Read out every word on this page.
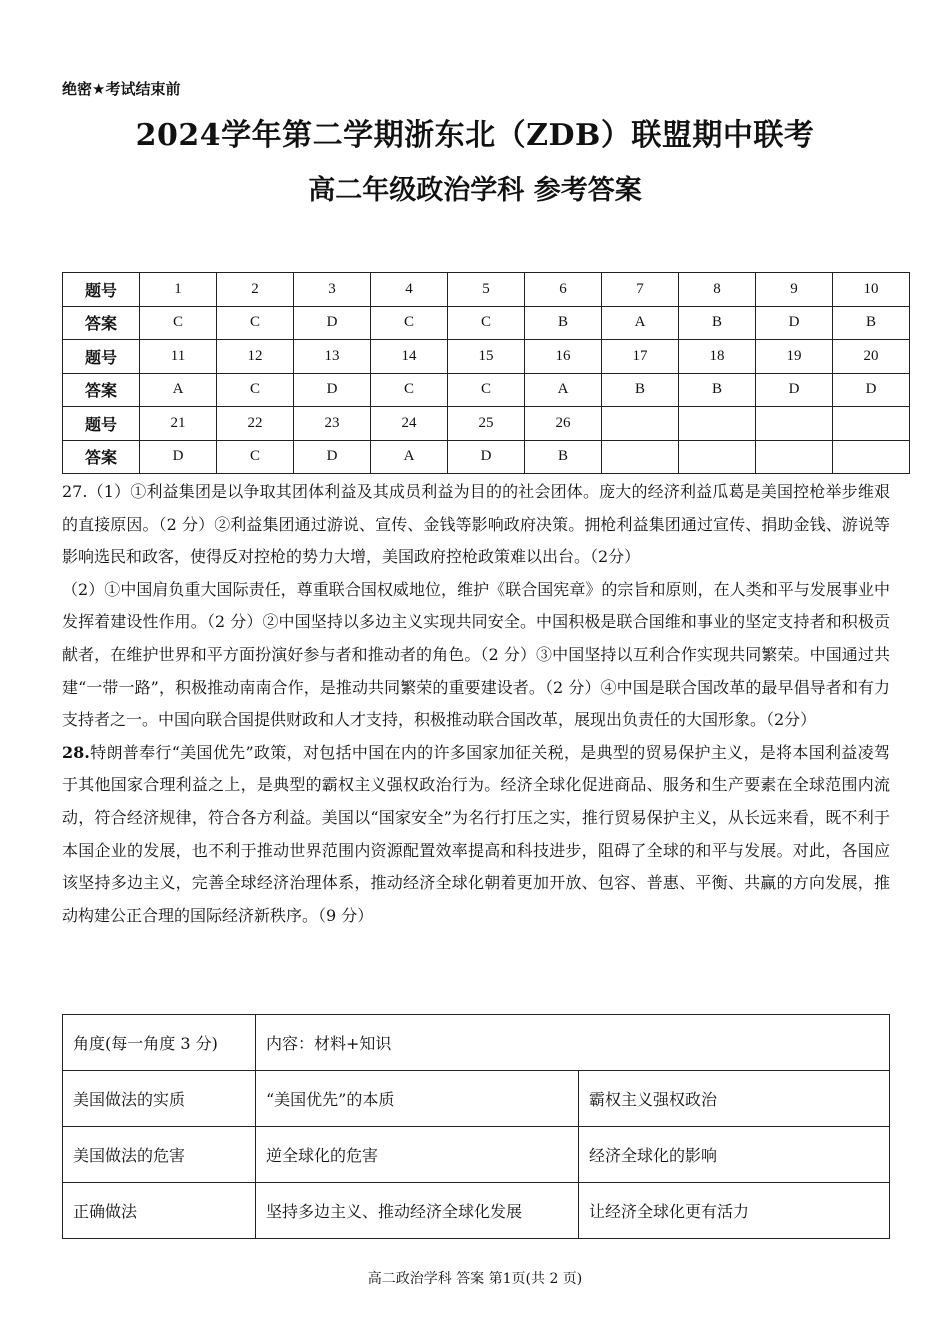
绝密★考试结束前
2024学年第二学期浙东北（ZDB）联盟期中联考
高二年级政治学科 参考答案
题号	1	2	3	4	5	6	7	8	9	10
答案	C	C	D	C	C	B	A	B	D	B
题号	11	12	13	14	15	16	17	18	19	20
答案	A	C	D	C	C	A	B	B	D	D
题号	21	22	23	24	25	26				
答案	D	C	D	A	D	B				

27.（1）①利益集团是以争取其团体利益及其成员利益为目的的社会团体。庞大的经济利益瓜葛是美国控枪举步维艰的直接原因。（2 分）②利益集团通过游说、宣传、金钱等影响政府决策。拥枪利益集团通过宣传、捐助金钱、游说等影响选民和政客，使得反对控枪的势力大增，美国政府控枪政策难以出台。（2分）

（2）①中国肩负重大国际责任，尊重联合国权威地位，维护《联合国宪章》的宗旨和原则，在人类和平与发展事业中发挥着建设性作用。（2 分）②中国坚持以多边主义实现共同安全。中国积极是联合国维和事业的坚定支持者和积极贡献者，在维护世界和平方面扮演好参与者和推动者的角色。（2 分）③中国坚持以互利合作实现共同繁荣。中国通过共建“一带一路”，积极推动南南合作，是推动共同繁荣的重要建设者。（2 分）④中国是联合国改革的最早倡导者和有力支持者之一。中国向联合国提供财政和人才支持，积极推动联合国改革，展现出负责任的大国形象。（2分）

28.特朗普奉行“美国优先”政策，对包括中国在内的许多国家加征关税，是典型的贸易保护主义，是将本国利益凌驾于其他国家合理利益之上，是典型的霸权主义强权政治行为。经济全球化促进商品、服务和生产要素在全球范围内流动，符合经济规律，符合各方利益。美国以“国家安全”为名行打压之实，推行贸易保护主义，从长远来看，既不利于本国企业的发展，也不利于推动世界范围内资源配置效率提高和科技进步，阻碍了全球的和平与发展。对此，各国应该坚持多边主义，完善全球经济治理体系，推动经济全球化朝着更加开放、包容、普惠、平衡、共赢的方向发展，推动构建公正合理的国际经济新秩序。（9 分）

角度(每一角度 3 分)	内容：材料+知识	
美国做法的实质	“美国优先”的本质	霸权主义强权政治
美国做法的危害	逆全球化的危害	经济全球化的影响
正确做法	坚持多边主义、推动经济全球化发展	让经济全球化更有活力
高二政治学科 答案 第1页(共 2 页)
